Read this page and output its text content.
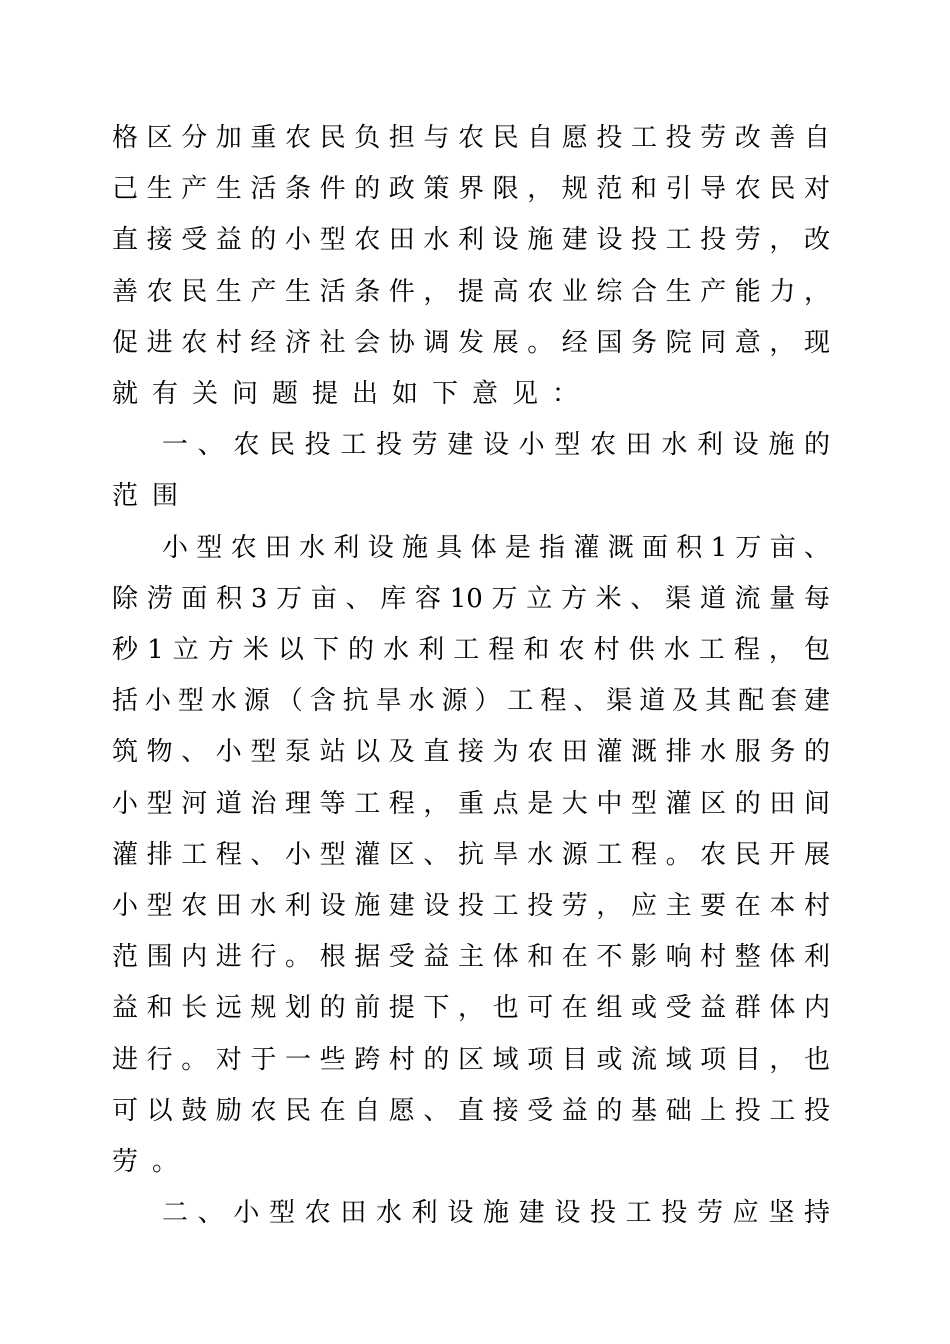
格区分加重农民负担与农民自愿投工投劳改善自
己生产生活条件的政策界限，规范和引导农民对
直接受益的小型农田水利设施建设投工投劳，改
善农民生产生活条件，提高农业综合生产能力，
促进农村经济社会协调发展。经国务院同意，现
就有关问题提出如下意见：
一、农民投工投劳建设小型农田水利设施的
范围
小型农田水利设施具体是指灌溉面积1万亩、
除涝面积3万亩、库容10万立方米、渠道流量每
秒1立方米以下的水利工程和农村供水工程，包
括小型水源（含抗旱水源）工程、渠道及其配套建
筑物、小型泵站以及直接为农田灌溉排水服务的
小型河道治理等工程，重点是大中型灌区的田间
灌排工程、小型灌区、抗旱水源工程。农民开展
小型农田水利设施建设投工投劳，应主要在本村
范围内进行。根据受益主体和在不影响村整体利
益和长远规划的前提下，也可在组或受益群体内
进行。对于一些跨村的区域项目或流域项目，也
可以鼓励农民在自愿、直接受益的基础上投工投
劳。
二、小型农田水利设施建设投工投劳应坚持
